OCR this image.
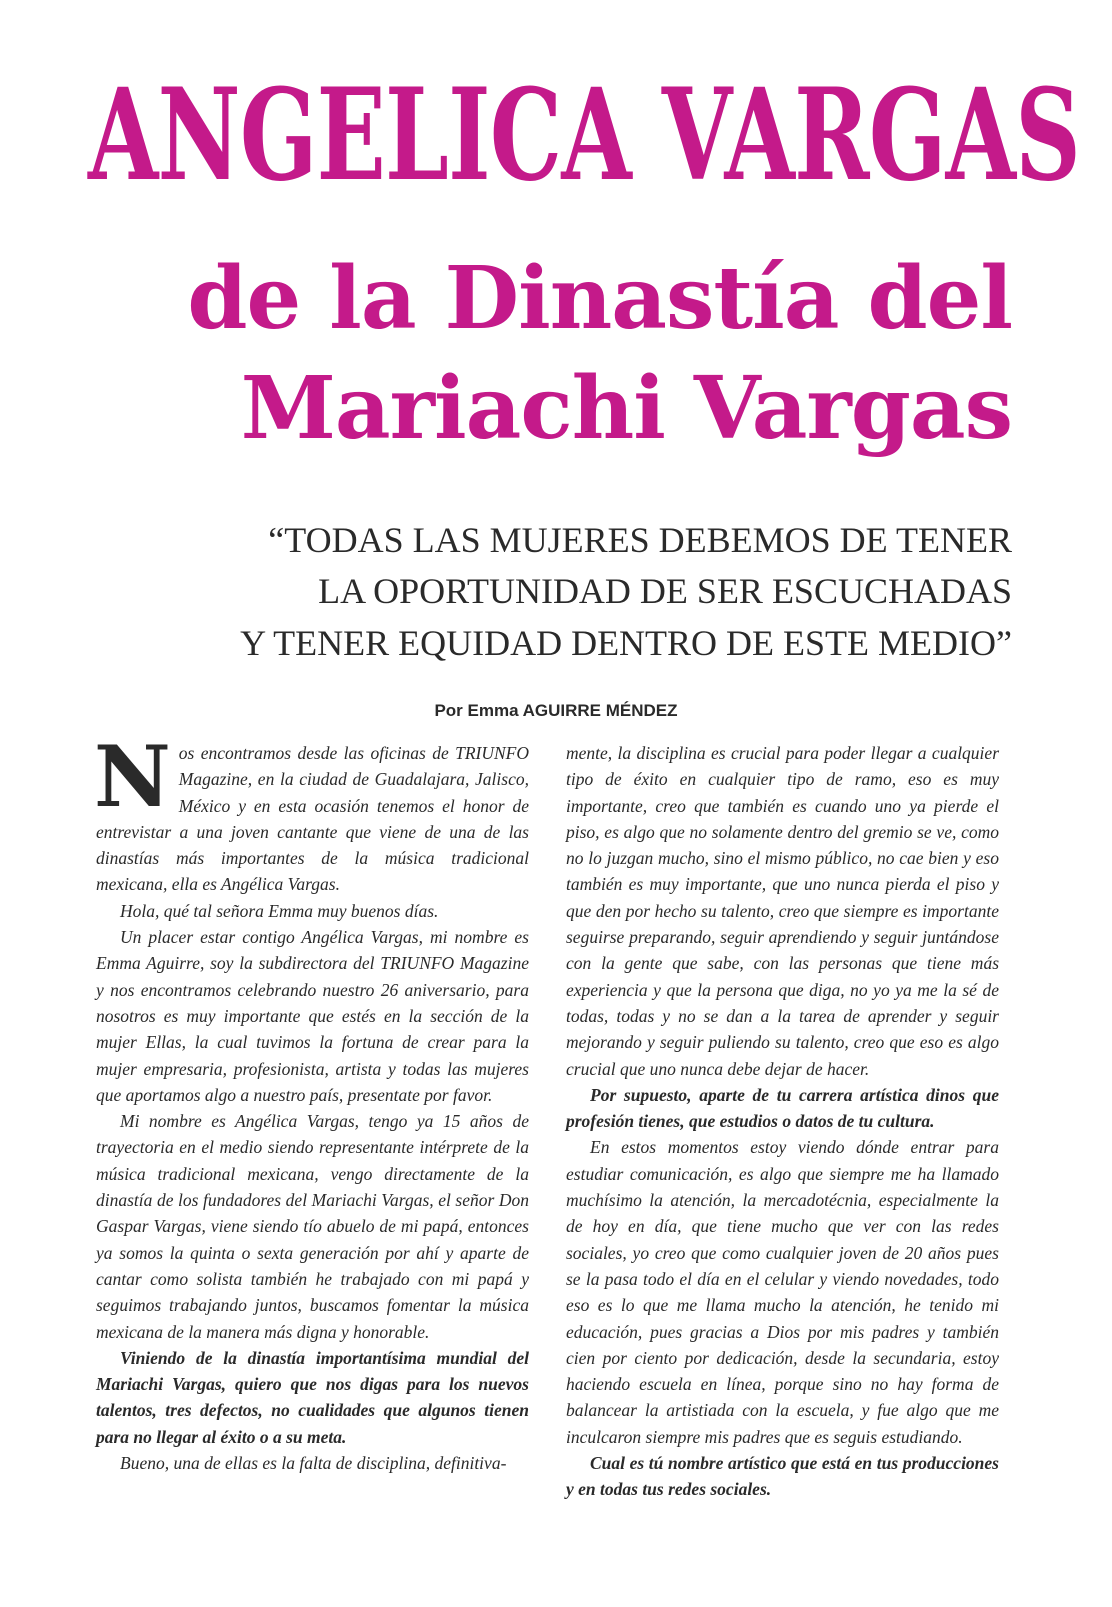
ANGELICA VARGAS
de la Dinastía del
Mariachi Vargas
“TODAS LAS MUJERES DEBEMOS DE TENER
LA OPORTUNIDAD DE SER ESCUCHADAS
Y TENER EQUIDAD DENTRO DE ESTE MEDIO”
Por Emma AGUIRRE MÉNDEZ

Nos encontramos desde las oficinas de TRIUNFO Magazine, en la ciudad de Guadalajara, Jalisco, México y en esta ocasión tenemos el honor de entrevistar a una joven cantante que viene de una de las dinastías más importantes de la música tradicional mexicana, ella es Angélica Vargas.

Hola, qué tal señora Emma muy buenos días.

Un placer estar contigo Angélica Vargas, mi nombre es Emma Aguirre, soy la subdirectora del TRIUNFO Magazine y nos encontramos celebrando nuestro 26 aniversario, para nosotros es muy importante que estés en la sección de la mujer Ellas, la cual tuvimos la fortuna de crear para la mujer empresaria, profesionista, artista y todas las mujeres que aportamos algo a nuestro país, presentate por favor.

Mi nombre es Angélica Vargas, tengo ya 15 años de trayectoria en el medio siendo representante intérprete de la música tradicional mexicana, vengo directamente de la dinastía de los fundadores del Mariachi Vargas, el señor Don Gaspar Vargas, viene siendo tío abuelo de mi papá, entonces ya somos la quinta o sexta generación por ahí y aparte de cantar como solista también he trabajado con mi papá y seguimos trabajando juntos, buscamos fomentar la música mexicana de la manera más digna y honorable.

Viniendo de la dinastía importantísima mundial del Mariachi Vargas, quiero que nos digas para los nuevos talentos, tres defectos, no cualidades que algunos tienen para no llegar al éxito o a su meta.

Bueno, una de ellas es la falta de disciplina, definitiva-

mente, la disciplina es crucial para poder llegar a cualquier tipo de éxito en cualquier tipo de ramo, eso es muy importante, creo que también es cuando uno ya pierde el piso, es algo que no solamente dentro del gremio se ve, como no lo juzgan mucho, sino el mismo público, no cae bien y eso también es muy importante, que uno nunca pierda el piso y que den por hecho su talento, creo que siempre es importante seguirse preparando, seguir aprendiendo y seguir juntándose con la gente que sabe, con las personas que tiene más experiencia y que la persona que diga, no yo ya me la sé de todas, todas y no se dan a la tarea de aprender y seguir mejorando y seguir puliendo su talento, creo que eso es algo crucial que uno nunca debe dejar de hacer.

Por supuesto, aparte de tu carrera artística dinos que profesión tienes, que estudios o datos de tu cultura.

En estos momentos estoy viendo dónde entrar para estudiar comunicación, es algo que siempre me ha llamado muchísimo la atención, la mercadotécnia, especialmente la de hoy en día, que tiene mucho que ver con las redes sociales, yo creo que como cualquier joven de 20 años pues se la pasa todo el día en el celular y viendo novedades, todo eso es lo que me llama mucho la atención, he tenido mi educación, pues gracias a Dios por mis padres y también cien por ciento por dedicación, desde la secundaria, estoy haciendo escuela en línea, porque sino no hay forma de balancear la artistiada con la escuela, y fue algo que me inculcaron siempre mis padres que es seguis estudiando.

Cual es tú nombre artístico que está en tus producciones y en todas tus redes sociales.
